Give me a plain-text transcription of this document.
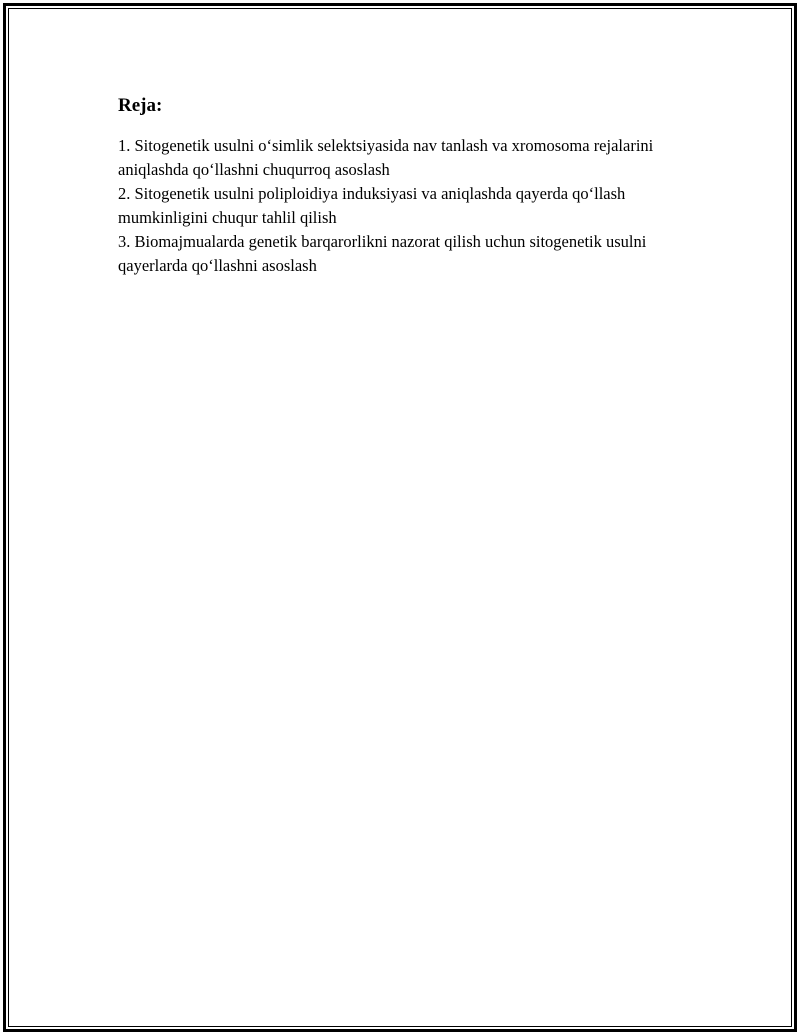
Reja:

1. Sitogenetik usulni o‘simlik selektsiyasida nav tanlash va xromosoma rejalarini aniqlashda qo‘llashni chuqurroq asoslash

2. Sitogenetik usulni poliploidiya induksiyasi va aniqlashda qayerda qo‘llash mumkinligini chuqur tahlil qilish

3. Biomajmualarda genetik barqarorlikni nazorat qilish uchun sitogenetik usulni qayerlarda qo‘llashni asoslash
